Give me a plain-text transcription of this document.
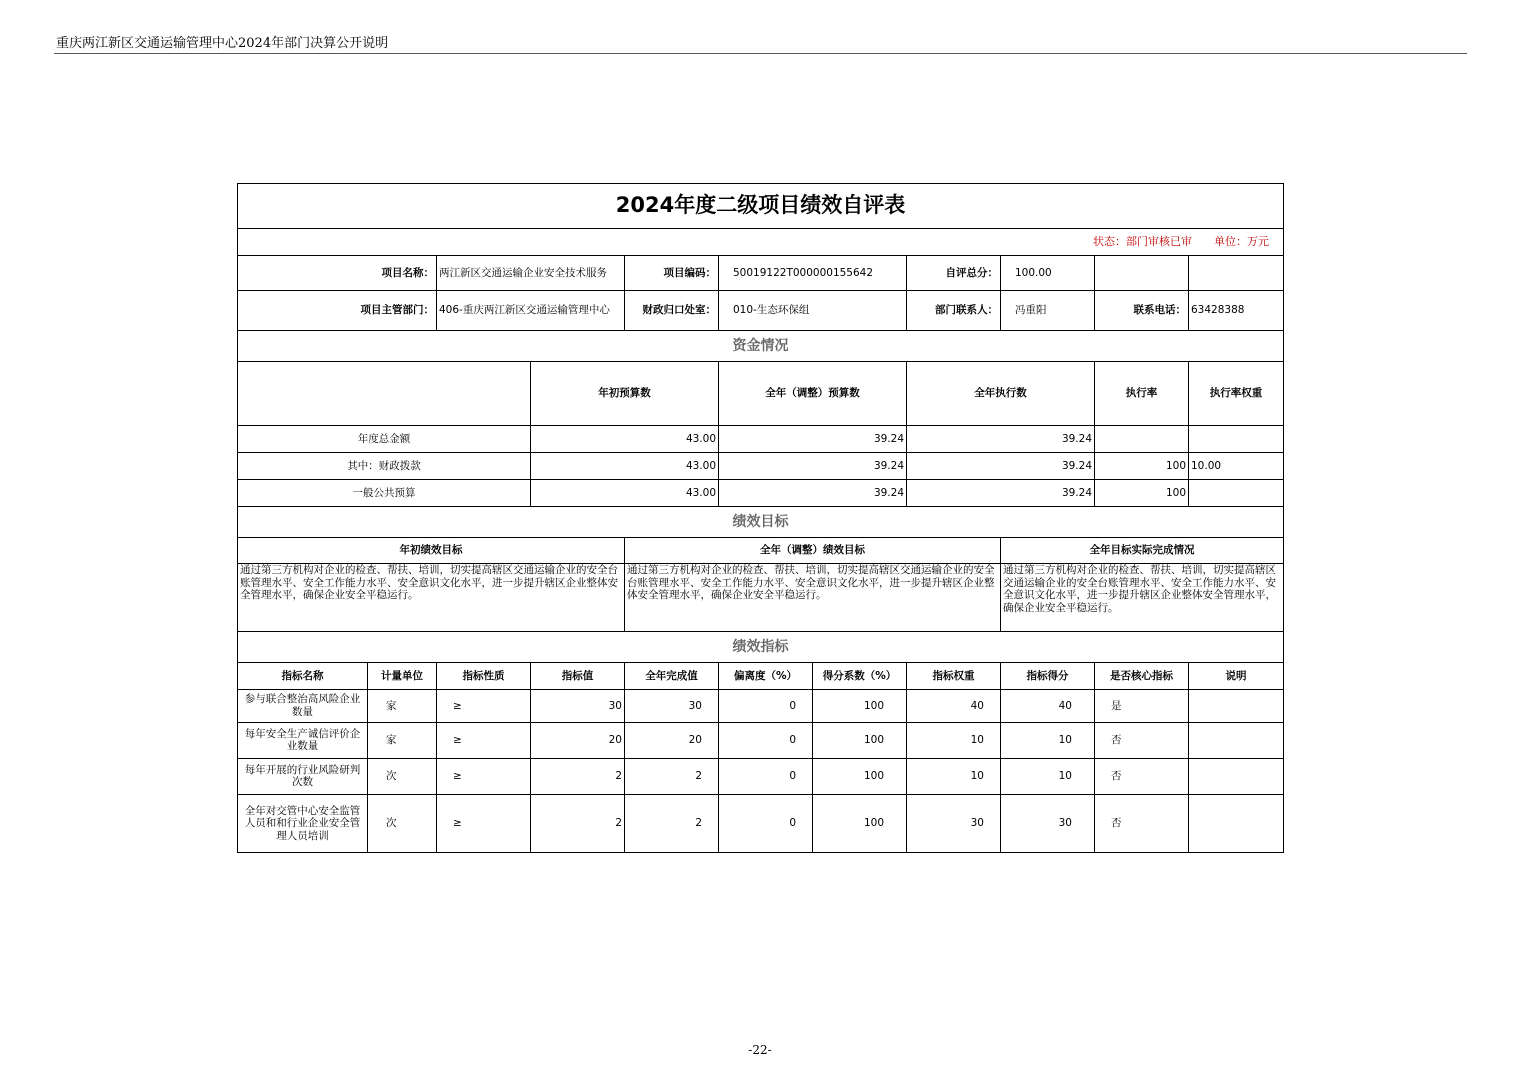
重庆两江新区交通运输管理中心2024年部门决算公开说明
2024年度二级项目绩效自评表											
状态：部门审核已审 单位：万元											
项目名称：		两江新区交通运输企业安全技术服务		项目编码：	50019122T000000155642		自评总分：	100.00			
项目主管部门：		406-重庆两江新区交通运输管理中心		财政归口处室：	010-生态环保组		部门联系人：	冯重阳	联系电话：	63428388	
资金情况											
			年初预算数		全年（调整）预算数		全年执行数		执行率	执行率权重	
年度总金额			43.00		39.24		39.24				
其中：财政拨款			43.00		39.24		39.24		100	10.00	
一般公共预算			43.00		39.24		39.24		100		
绩效目标											
年初绩效目标				全年（调整）绩效目标				全年目标实际完成情况			
通过第三方机构对企业的检查、帮扶、培训，切实提高辖区交通运输企业的安全台账管理水平、安全工作能力水平、安全意识文化水平，进一步提升辖区企业整体安全管理水平，确保企业安全平稳运行。				通过第三方机构对企业的检查、帮扶、培训，切实提高辖区交通运输企业的安全台账管理水平、安全工作能力水平、安全意识文化水平，进一步提升辖区企业整体安全管理水平，确保企业安全平稳运行。				通过第三方机构对企业的检查、帮扶、培训，切实提高辖区交通运输企业的安全台账管理水平、安全工作能力水平、安全意识文化水平，进一步提升辖区企业整体安全管理水平，确保企业安全平稳运行。			
绩效指标											
指标名称	计量单位	指标性质	指标值	全年完成值	偏离度（%）	得分系数（%）	指标权重	指标得分	是否核心指标	说明	
参与联合整治高风险企业数量	家	≥	30	30	0	100	40	40	是		
每年安全生产诚信评价企业数量	家	≥	20	20	0	100	10	10	否		
每年开展的行业风险研判次数	次	≥	2	2	0	100	10	10	否		
全年对交管中心安全监管人员和和行业企业安全管理人员培训	次	≥	2	2	0	100	30	30	否		
-22-
